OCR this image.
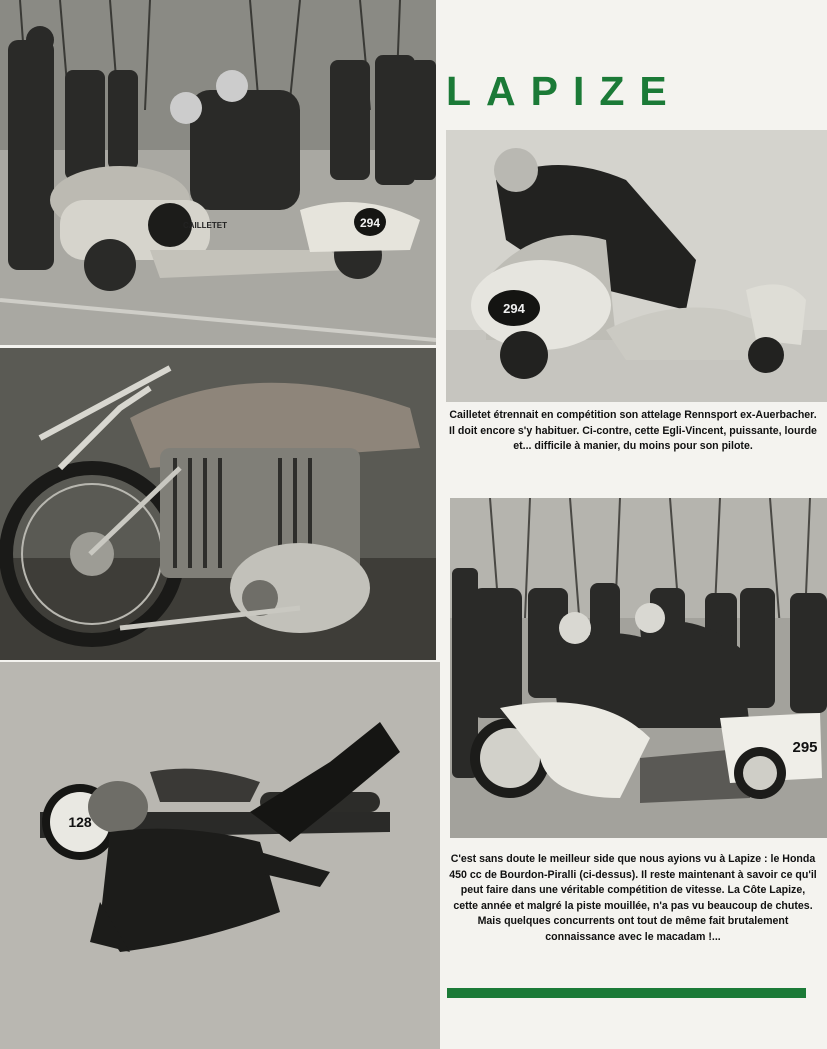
294
CAILLETET
128
LAPIZE
294

Cailletet étrennait en compétition son attelage Rennsport ex-Auerbacher. Il doit encore s'y habituer. Ci-contre, cette Egli-Vincent, puissante, lourde et... difficile à manier, du moins pour son pilote.

295

C'est sans doute le meilleur side que nous ayions vu à Lapize : le Honda 450 cc de Bourdon-Piralli (ci-dessus). Il reste maintenant à savoir ce qu'il peut faire dans une véritable compétition de vitesse. La Côte Lapize, cette année et malgré la piste mouillée, n'a pas vu beaucoup de chutes. Mais quelques concurrents ont tout de même fait brutalement connaissance avec le macadam !...
